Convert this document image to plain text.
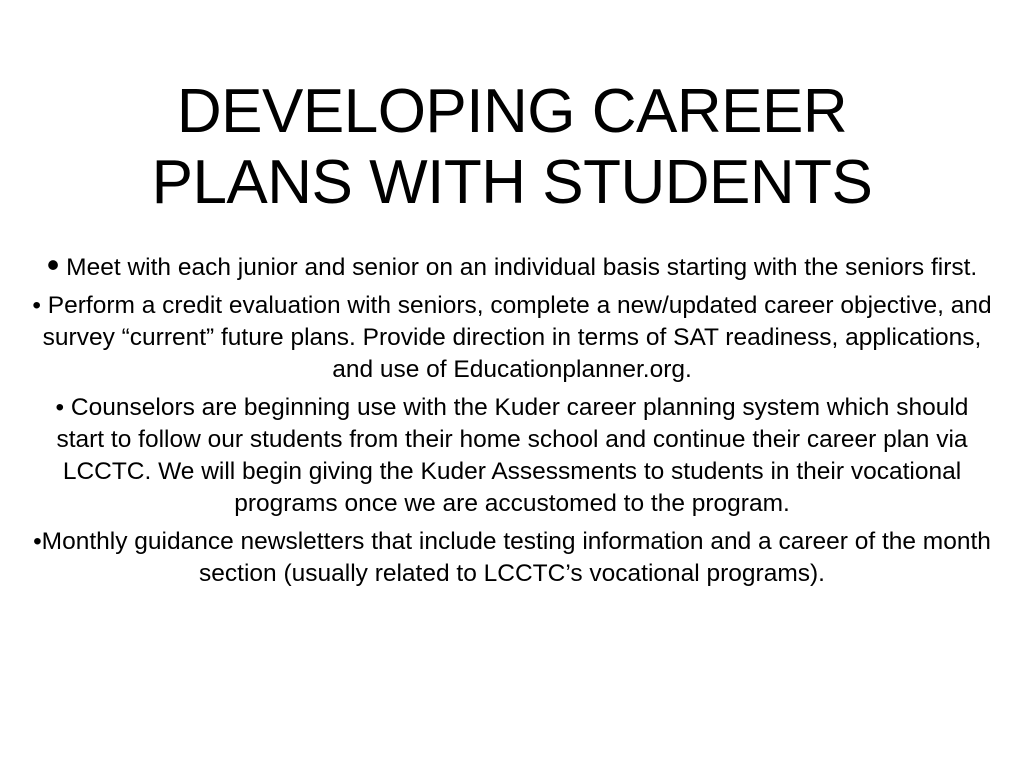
DEVELOPING CAREER
PLANS WITH STUDENTS

• Meet with each junior and senior on an individual basis starting with the seniors first.

• Perform a credit evaluation with seniors, complete a new/updated career objective, and survey “current” future plans. Provide direction in terms of SAT readiness, applications, and use of Educationplanner.org.

• Counselors are beginning use with the Kuder career planning system which should start to follow our students from their home school and continue their career plan via LCCTC. We will begin giving the Kuder Assessments to students in their vocational programs once we are accustomed to the program.

•Monthly guidance newsletters that include testing information and a career of the month section (usually related to LCCTC’s vocational programs).
